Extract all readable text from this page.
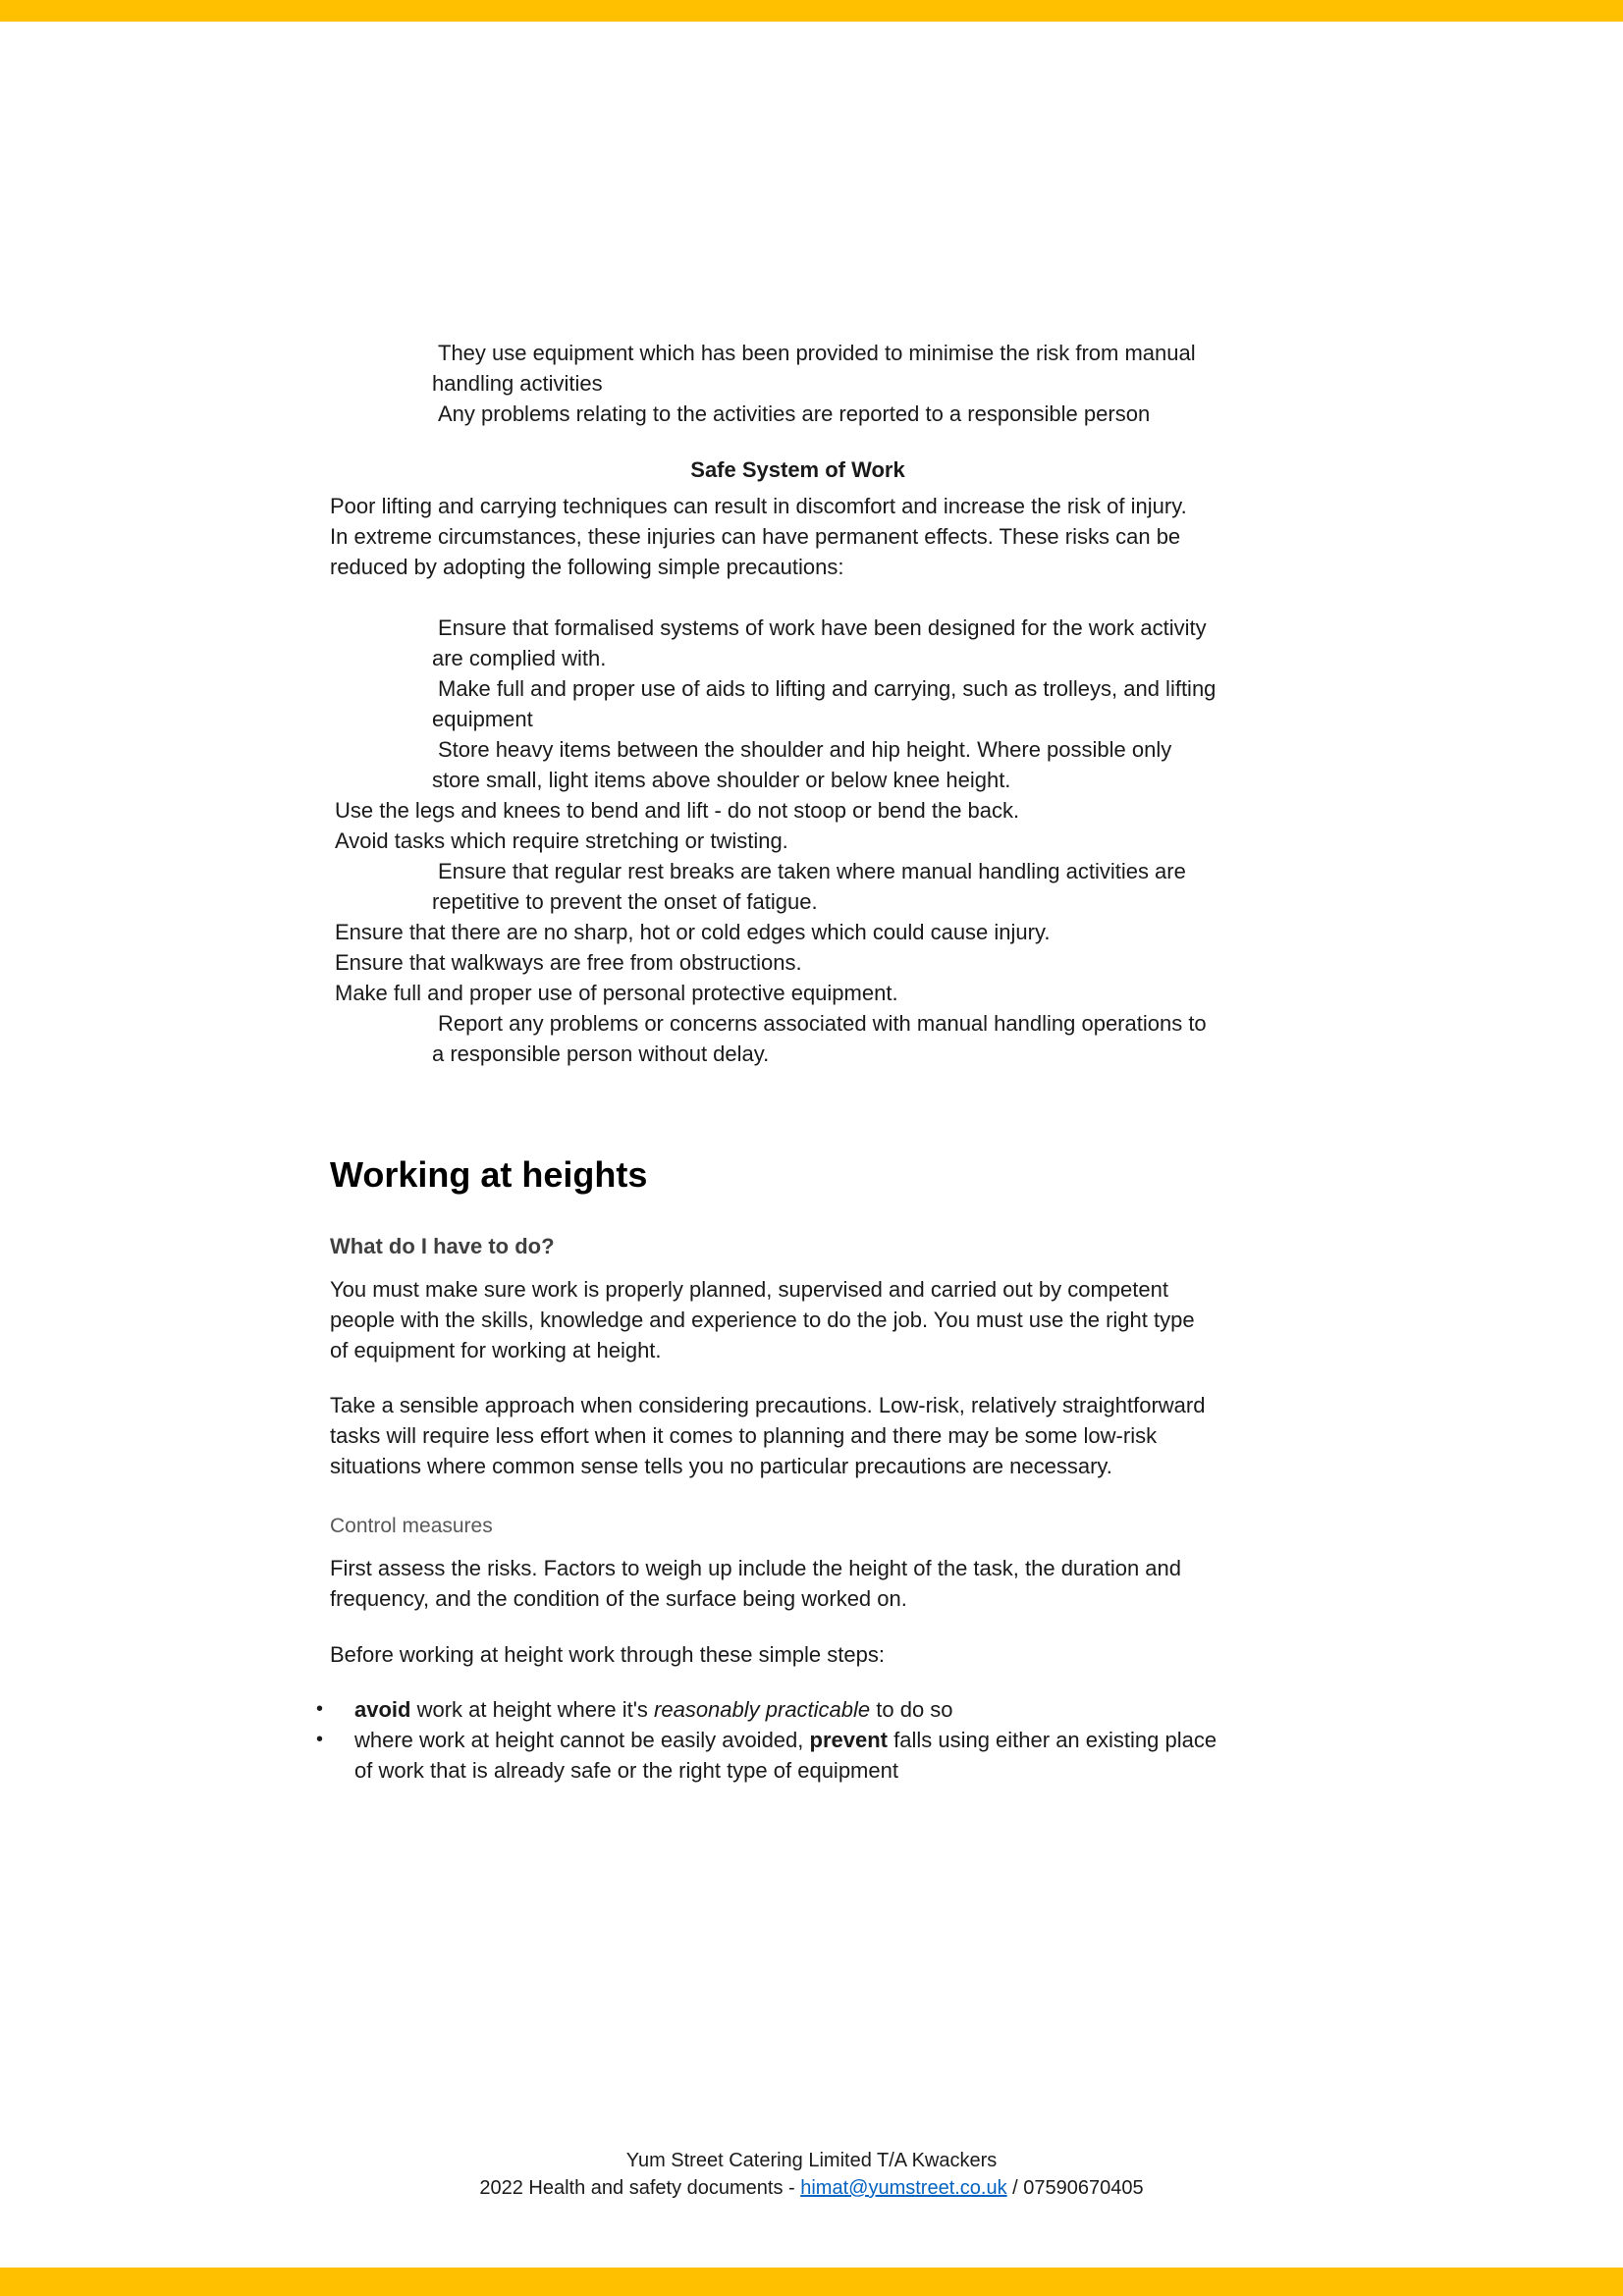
They use equipment which has been provided to minimise the risk from manual
handling activities
Any problems relating to the activities are reported to a responsible person
Safe System of Work
Poor lifting and carrying techniques can result in discomfort and increase the risk of injury.
In extreme circumstances, these injuries can have permanent effects. These risks can be
reduced by adopting the following simple precautions:
Ensure that formalised systems of work have been designed for the work activity
are complied with.
Make full and proper use of aids to lifting and carrying, such as trolleys, and lifting
equipment
Store heavy items between the shoulder and hip height. Where possible only
store small, light items above shoulder or below knee height.
Use the legs and knees to bend and lift - do not stoop or bend the back.
Avoid tasks which require stretching or twisting.
Ensure that regular rest breaks are taken where manual handling activities are
repetitive to prevent the onset of fatigue.
Ensure that there are no sharp, hot or cold edges which could cause injury.
Ensure that walkways are free from obstructions.
Make full and proper use of personal protective equipment.
Report any problems or concerns associated with manual handling operations to
a responsible person without delay.
Working at heights
What do I have to do?
You must make sure work is properly planned, supervised and carried out by competent
people with the skills, knowledge and experience to do the job. You must use the right type
of equipment for working at height.
Take a sensible approach when considering precautions. Low-risk, relatively straightforward
tasks will require less effort when it comes to planning and there may be some low-risk
situations where common sense tells you no particular precautions are necessary.
Control measures
First assess the risks. Factors to weigh up include the height of the task, the duration and
frequency, and the condition of the surface being worked on.
Before working at height work through these simple steps:
• avoid work at height where it's reasonably practicable to do so
• where work at height cannot be easily avoided, prevent falls using either an existing place
of work that is already safe or the right type of equipment
Yum Street Catering Limited T/A Kwackers
2022 Health and safety documents - himat@yumstreet.co.uk / 07590670405
